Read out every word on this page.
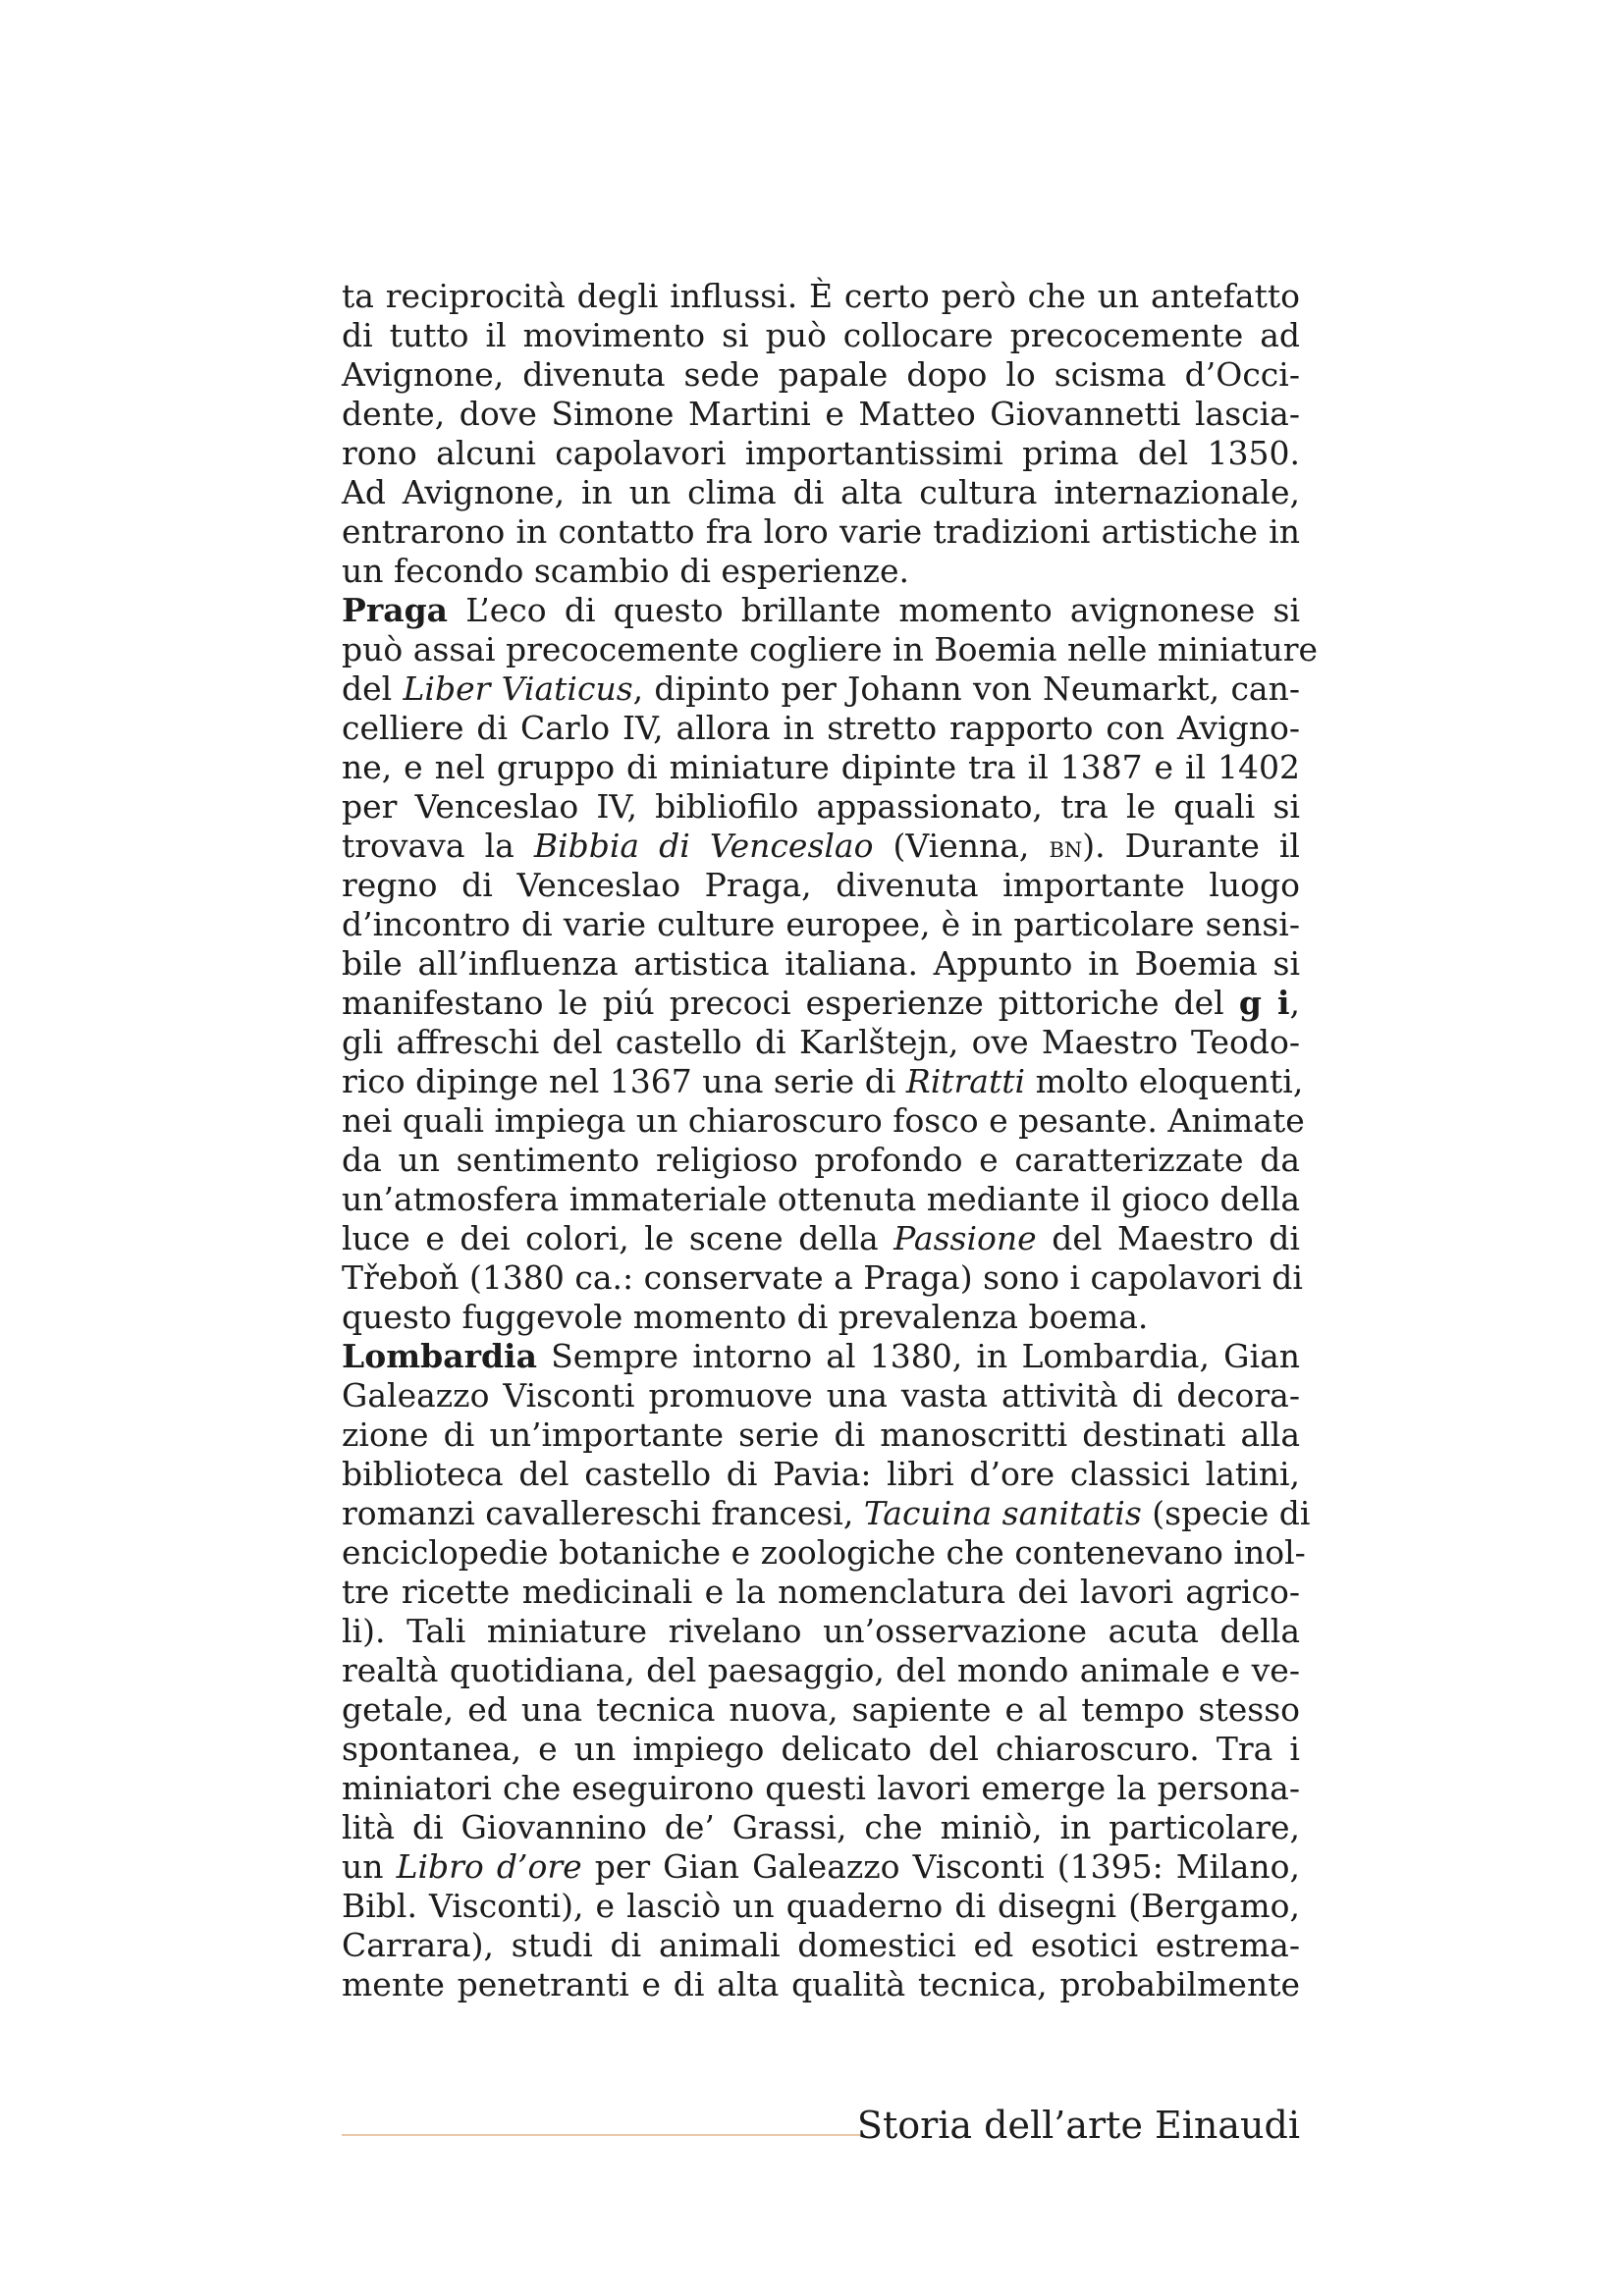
ta reciprocità degli influssi. È certo però che un antefatto
di tutto il movimento si può collocare precocemente ad
Avignone, divenuta sede papale dopo lo scisma d’Occi-
dente, dove Simone Martini e Matteo Giovannetti lascia-
rono alcuni capolavori importantissimi prima del 1350.
Ad Avignone, in un clima di alta cultura internazionale,
entrarono in contatto fra loro varie tradizioni artistiche in
un fecondo scambio di esperienze.
Praga L’eco di questo brillante momento avignonese si
può assai precocemente cogliere in Boemia nelle miniature
del Liber Viaticus, dipinto per Johann von Neumarkt, can-
celliere di Carlo IV, allora in stretto rapporto con Avigno-
ne, e nel gruppo di miniature dipinte tra il 1387 e il 1402
per Venceslao IV, bibliofilo appassionato, tra le quali si
trovava la Bibbia di Venceslao (Vienna, bn). Durante il
regno di Venceslao Praga, divenuta importante luogo
d’incontro di varie culture europee, è in particolare sensi-
bile all’influenza artistica italiana. Appunto in Boemia si
manifestano le piú precoci esperienze pittoriche del g i,
gli affreschi del castello di Karlštejn, ove Maestro Teodo-
rico dipinge nel 1367 una serie di Ritratti molto eloquenti,
nei quali impiega un chiaroscuro fosco e pesante. Animate
da un sentimento religioso profondo e caratterizzate da
un’atmosfera immateriale ottenuta mediante il gioco della
luce e dei colori, le scene della Passione del Maestro di
Třeboň (1380 ca.: conservate a Praga) sono i capolavori di
questo fuggevole momento di prevalenza boema.
Lombardia Sempre intorno al 1380, in Lombardia, Gian
Galeazzo Visconti promuove una vasta attività di decora-
zione di un’importante serie di manoscritti destinati alla
biblioteca del castello di Pavia: libri d’ore classici latini,
romanzi cavallereschi francesi, Tacuina sanitatis (specie di
enciclopedie botaniche e zoologiche che contenevano inol-
tre ricette medicinali e la nomenclatura dei lavori agrico-
li). Tali miniature rivelano un’osservazione acuta della
realtà quotidiana, del paesaggio, del mondo animale e ve-
getale, ed una tecnica nuova, sapiente e al tempo stesso
spontanea, e un impiego delicato del chiaroscuro. Tra i
miniatori che eseguirono questi lavori emerge la persona-
lità di Giovannino de’ Grassi, che miniò, in particolare,
un Libro d’ore per Gian Galeazzo Visconti (1395: Milano,
Bibl. Visconti), e lasciò un quaderno di disegni (Bergamo,
Carrara), studi di animali domestici ed esotici estrema-
mente penetranti e di alta qualità tecnica, probabilmente
Storia dell’arte Einaudi
